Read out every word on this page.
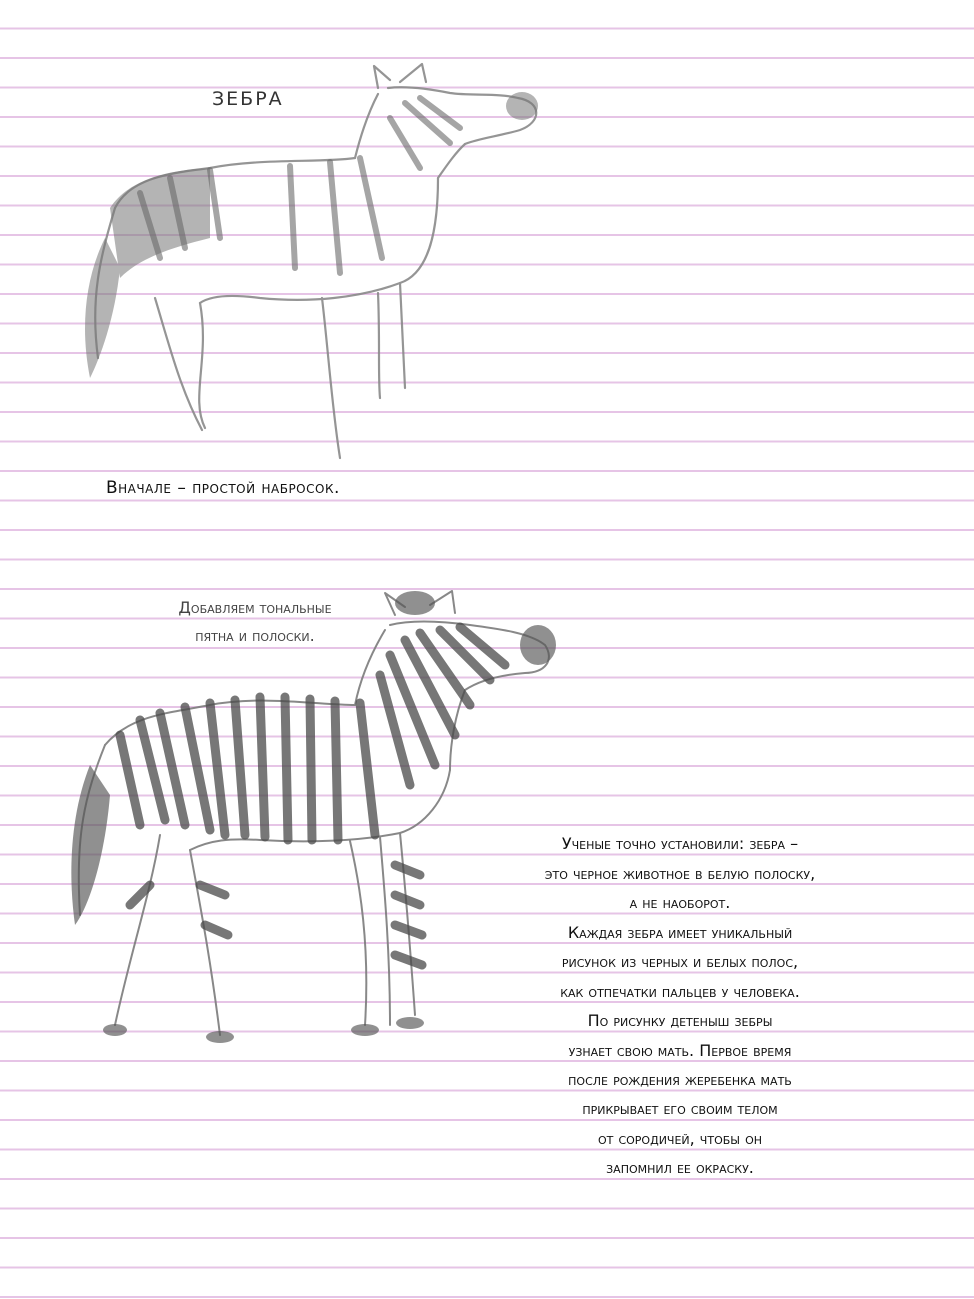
ЗЕБРА
Вначале – простой набросок.
Добавляем тональные
пятна и полоски.
Ученые точно установили: зебра –
это черное животное в белую полоску,
а не наоборот.
Каждая зебра имеет уникальный
рисунок из черных и белых полос,
как отпечатки пальцев у человека.
По рисунку детеныш зебры
узнает свою мать. Первое время
после рождения жеребенка мать
прикрывает его своим телом
от сородичей, чтобы он
запомнил ее окраску.
